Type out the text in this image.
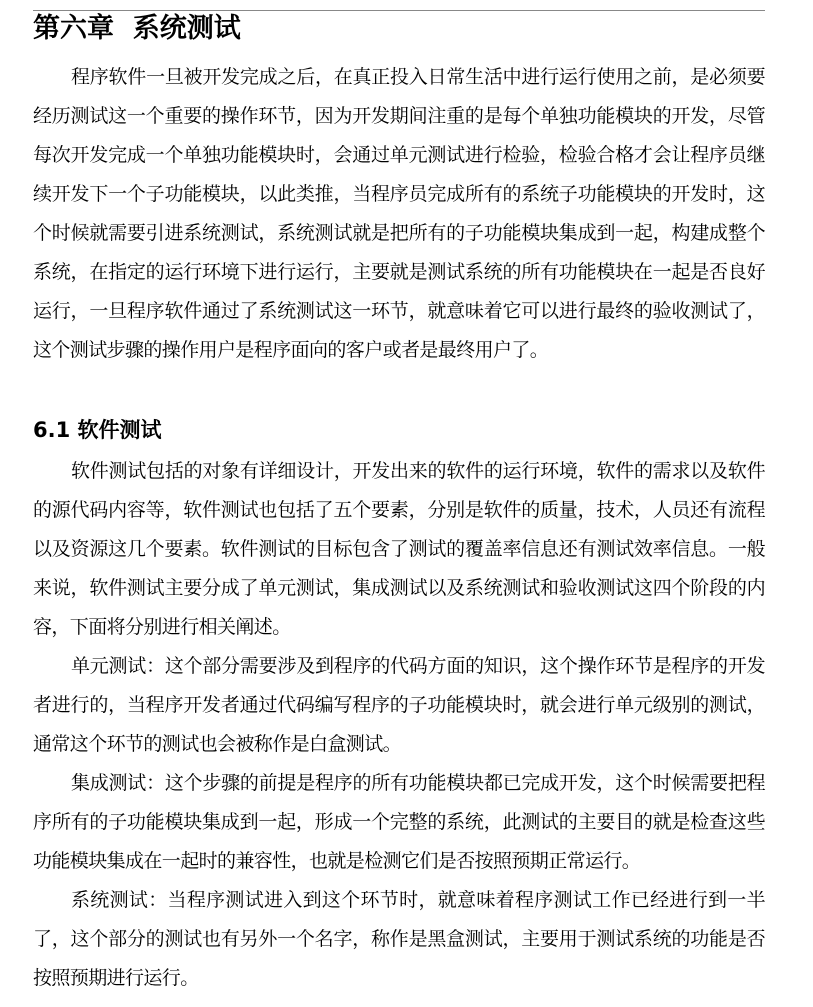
第六章  系统测试

程序软件一旦被开发完成之后，在真正投入日常生活中进行运行使用之前，是必须要经历测试这一个重要的操作环节，因为开发期间注重的是每个单独功能模块的开发，尽管每次开发完成一个单独功能模块时，会通过单元测试进行检验，检验合格才会让程序员继续开发下一个子功能模块，以此类推，当程序员完成所有的系统子功能模块的开发时，这个时候就需要引进系统测试，系统测试就是把所有的子功能模块集成到一起，构建成整个系统，在指定的运行环境下进行运行，主要就是测试系统的所有功能模块在一起是否良好运行，一旦程序软件通过了系统测试这一环节，就意味着它可以进行最终的验收测试了，这个测试步骤的操作用户是程序面向的客户或者是最终用户了。

6.1 软件测试

软件测试包括的对象有详细设计，开发出来的软件的运行环境，软件的需求以及软件的源代码内容等，软件测试也包括了五个要素，分别是软件的质量，技术，人员还有流程以及资源这几个要素。软件测试的目标包含了测试的覆盖率信息还有测试效率信息。一般来说，软件测试主要分成了单元测试，集成测试以及系统测试和验收测试这四个阶段的内容，下面将分别进行相关阐述。

单元测试：这个部分需要涉及到程序的代码方面的知识，这个操作环节是程序的开发者进行的，当程序开发者通过代码编写程序的子功能模块时，就会进行单元级别的测试，通常这个环节的测试也会被称作是白盒测试。

集成测试：这个步骤的前提是程序的所有功能模块都已完成开发，这个时候需要把程序所有的子功能模块集成到一起，形成一个完整的系统，此测试的主要目的就是检查这些功能模块集成在一起时的兼容性，也就是检测它们是否按照预期正常运行。

系统测试：当程序测试进入到这个环节时，就意味着程序测试工作已经进行到一半了，这个部分的测试也有另外一个名字，称作是黑盒测试，主要用于测试系统的功能是否按照预期进行运行。
